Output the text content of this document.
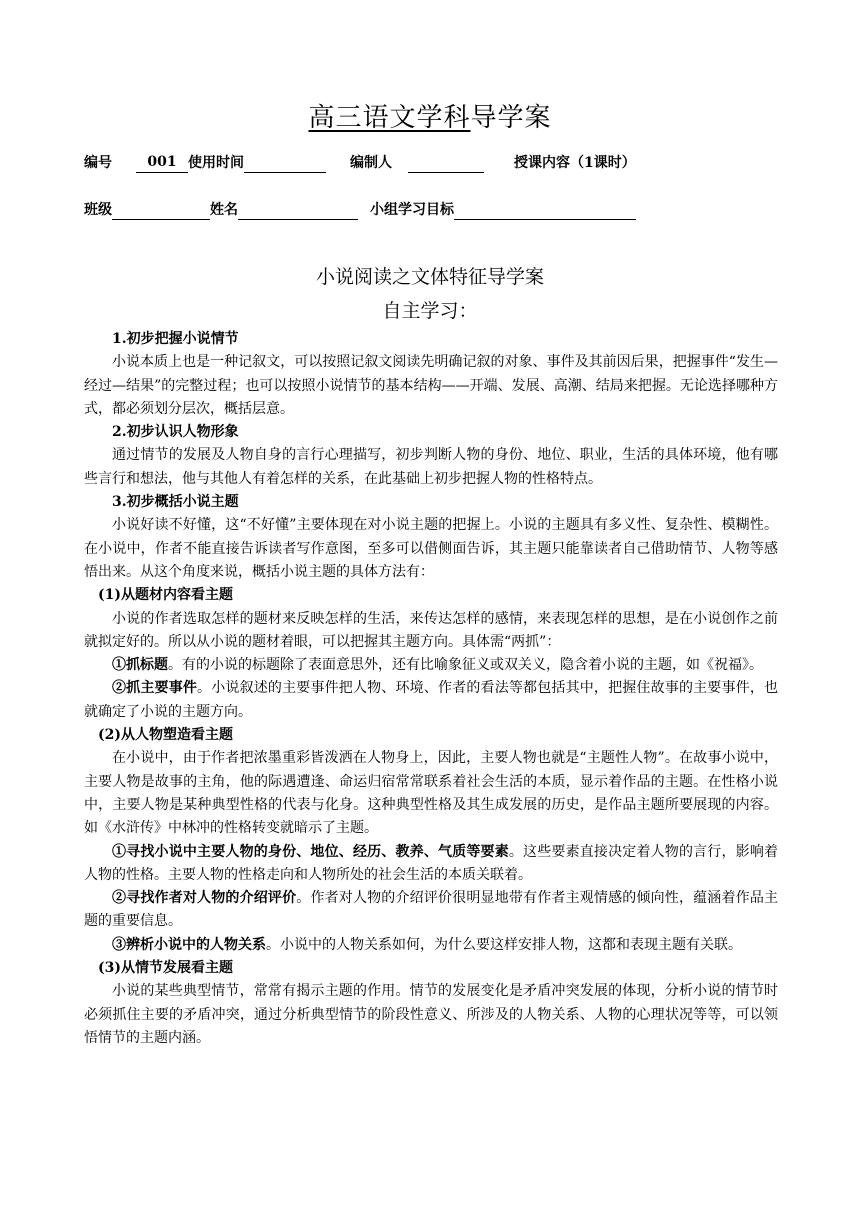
高三语文学科导学案
编号	001 使用时间	编制人	授课内容（1课时）
班级	姓名	小组学习目标
小说阅读之文体特征导学案
自主学习：

1.初步把握小说情节

小说本质上也是一种记叙文，可以按照记叙文阅读先明确记叙的对象、事件及其前因后果，把握事件“发生—经过—结果”的完整过程；也可以按照小说情节的基本结构——开端、发展、高潮、结局来把握。无论选择哪种方式，都必须划分层次，概括层意。

2.初步认识人物形象

通过情节的发展及人物自身的言行心理描写，初步判断人物的身份、地位、职业，生活的具体环境，他有哪些言行和想法，他与其他人有着怎样的关系，在此基础上初步把握人物的性格特点。

3.初步概括小说主题

小说好读不好懂，这“不好懂”主要体现在对小说主题的把握上。小说的主题具有多义性、复杂性、模糊性。在小说中，作者不能直接告诉读者写作意图，至多可以借侧面告诉，其主题只能靠读者自己借助情节、人物等感悟出来。从这个角度来说，概括小说主题的具体方法有：

(1)从题材内容看主题

小说的作者选取怎样的题材来反映怎样的生活，来传达怎样的感情，来表现怎样的思想，是在小说创作之前就拟定好的。所以从小说的题材着眼，可以把握其主题方向。具体需“两抓”：

①抓标题。有的小说的标题除了表面意思外，还有比喻象征义或双关义，隐含着小说的主题，如《祝福》。

②抓主要事件。小说叙述的主要事件把人物、环境、作者的看法等都包括其中，把握住故事的主要事件，也就确定了小说的主题方向。

(2)从人物塑造看主题

在小说中，由于作者把浓墨重彩皆泼洒在人物身上，因此，主要人物也就是“主题性人物”。在故事小说中，主要人物是故事的主角，他的际遇遭逢、命运归宿常常联系着社会生活的本质，显示着作品的主题。在性格小说中，主要人物是某种典型性格的代表与化身。这种典型性格及其生成发展的历史，是作品主题所要展现的内容。如《水浒传》中林冲的性格转变就暗示了主题。

①寻找小说中主要人物的身份、地位、经历、教养、气质等要素。这些要素直接决定着人物的言行，影响着人物的性格。主要人物的性格走向和人物所处的社会生活的本质关联着。

②寻找作者对人物的介绍评价。作者对人物的介绍评价很明显地带有作者主观情感的倾向性，蕴涵着作品主题的重要信息。

③辨析小说中的人物关系。小说中的人物关系如何，为什么要这样安排人物，这都和表现主题有关联。

(3)从情节发展看主题

小说的某些典型情节，常常有揭示主题的作用。情节的发展变化是矛盾冲突发展的体现，分析小说的情节时必须抓住主要的矛盾冲突，通过分析典型情节的阶段性意义、所涉及的人物关系、人物的心理状况等等，可以领悟情节的主题内涵。
